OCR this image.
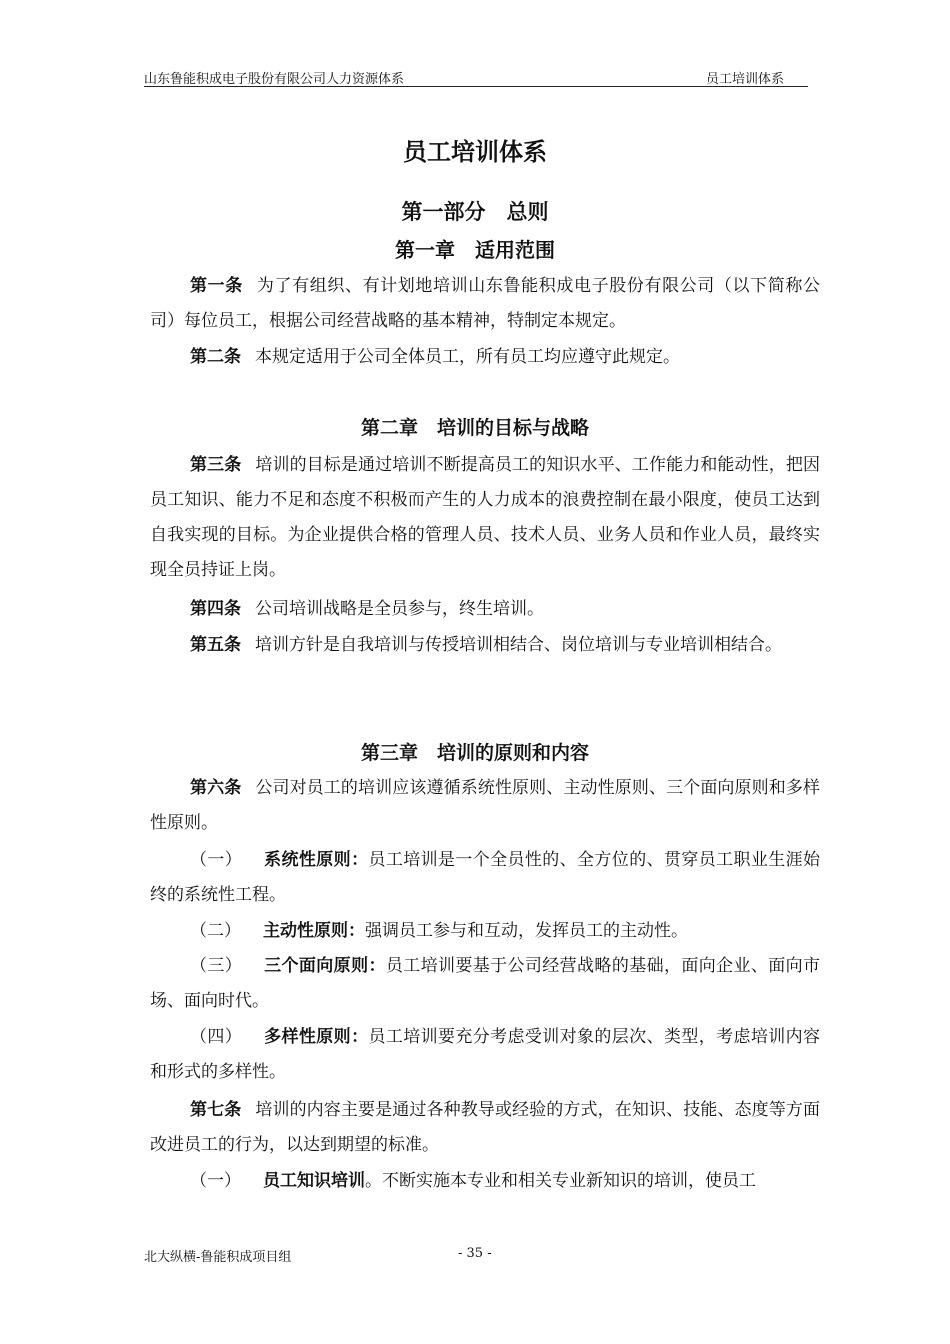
山东鲁能积成电子股份有限公司人力资源体系	员工培训体系
员工培训体系
第一部分　总则
第一章　适用范围
第一条 为了有组织、有计划地培训山东鲁能积成电子股份有限公司（以下简称公司）每位员工，根据公司经营战略的基本精神，特制定本规定。
第二条 本规定适用于公司全体员工，所有员工均应遵守此规定。
第二章　培训的目标与战略
第三条 培训的目标是通过培训不断提高员工的知识水平、工作能力和能动性，把因员工知识、能力不足和态度不积极而产生的人力成本的浪费控制在最小限度，使员工达到自我实现的目标。为企业提供合格的管理人员、技术人员、业务人员和作业人员，最终实现全员持证上岗。
第四条 公司培训战略是全员参与，终生培训。
第五条 培训方针是自我培训与传授培训相结合、岗位培训与专业培训相结合。
第三章　培训的原则和内容
第六条 公司对员工的培训应该遵循系统性原则、主动性原则、三个面向原则和多样性原则。
（一） 系统性原则：员工培训是一个全员性的、全方位的、贯穿员工职业生涯始终的系统性工程。
（二） 主动性原则：强调员工参与和互动，发挥员工的主动性。
（三） 三个面向原则：员工培训要基于公司经营战略的基础，面向企业、面向市场、面向时代。
（四） 多样性原则：员工培训要充分考虑受训对象的层次、类型，考虑培训内容和形式的多样性。
第七条 培训的内容主要是通过各种教导或经验的方式，在知识、技能、态度等方面改进员工的行为，以达到期望的标准。
（一） 员工知识培训。不断实施本专业和相关专业新知识的培训，使员工
北大纵横-鲁能积成项目组	- 35 -
